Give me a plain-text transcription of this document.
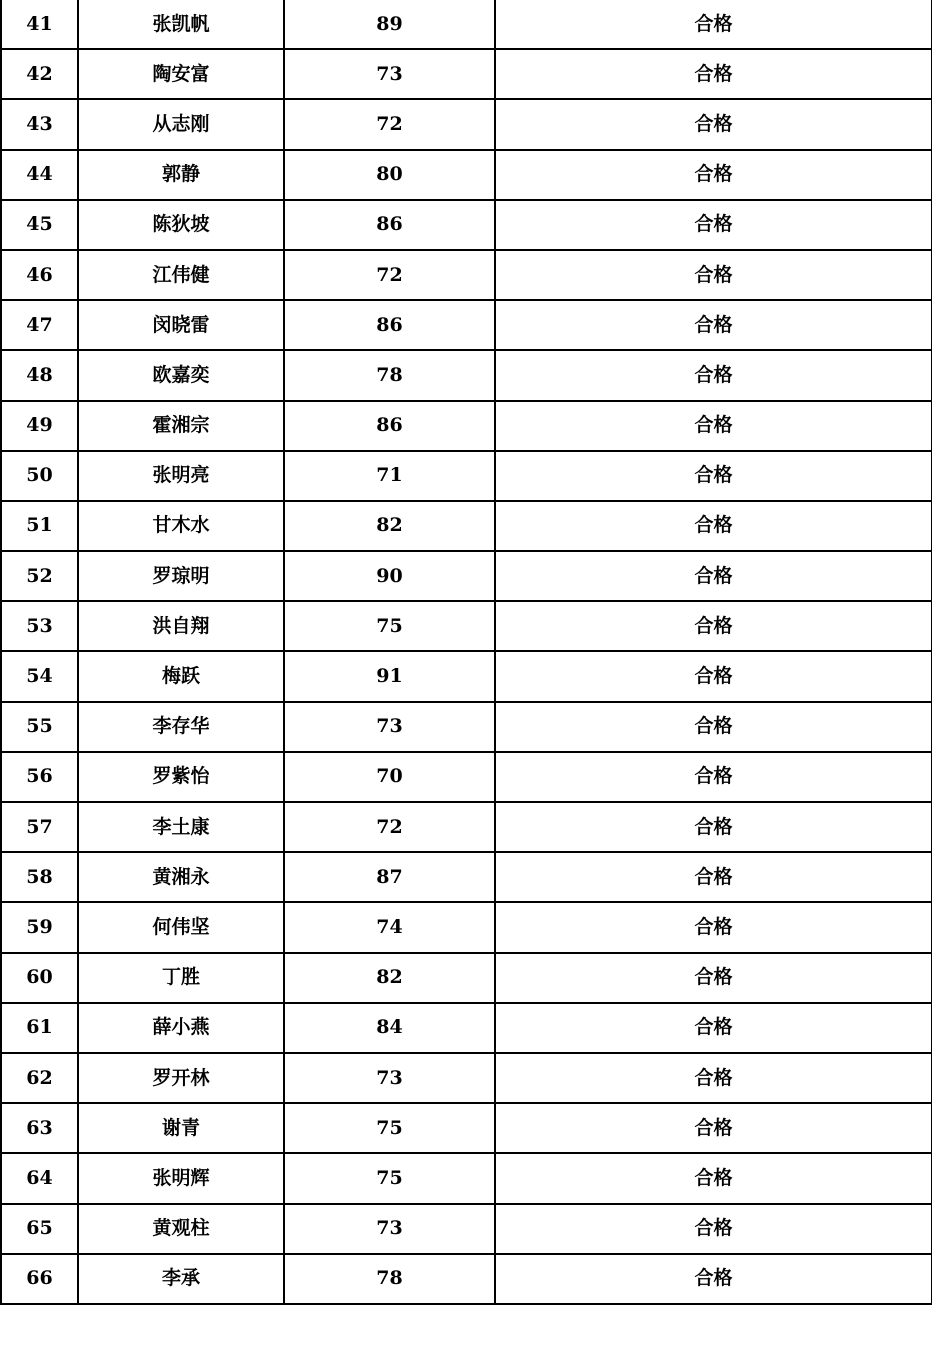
41	张凯帆	89	合格
42	陶安富	73	合格
43	从志刚	72	合格
44	郭静	80	合格
45	陈狄坡	86	合格
46	江伟健	72	合格
47	闵晓雷	86	合格
48	欧嘉奕	78	合格
49	霍湘宗	86	合格
50	张明亮	71	合格
51	甘木水	82	合格
52	罗琼明	90	合格
53	洪自翔	75	合格
54	梅跃	91	合格
55	李存华	73	合格
56	罗紫怡	70	合格
57	李土康	72	合格
58	黄湘永	87	合格
59	何伟坚	74	合格
60	丁胜	82	合格
61	薛小燕	84	合格
62	罗开林	73	合格
63	谢青	75	合格
64	张明辉	75	合格
65	黄观柱	73	合格
66	李承	78	合格
